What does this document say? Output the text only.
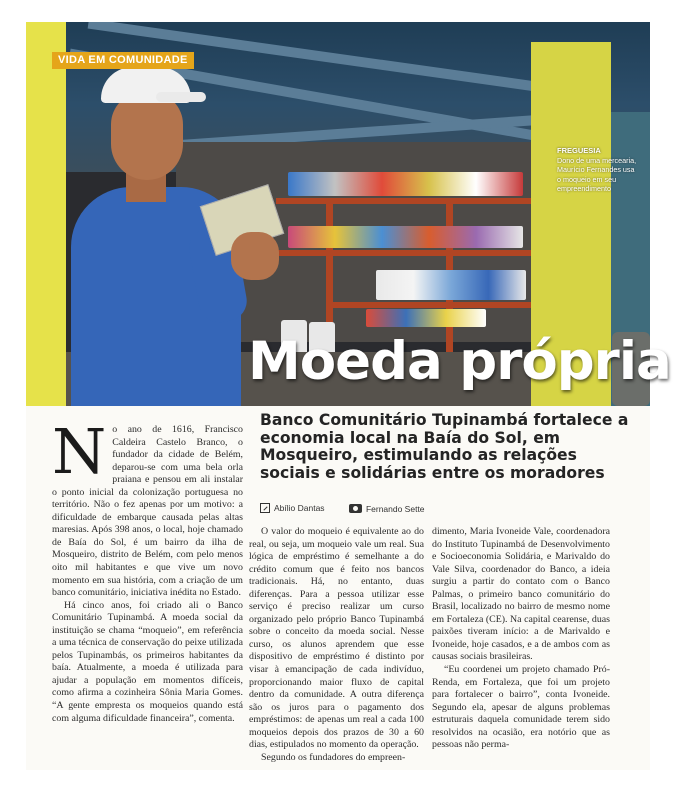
VIDA EM COMUNIDADE
FREGUESIA
Dono de uma mercearia, Maurício Fernandes usa o moqueio em seu empreendimento
Moeda própria
Banco Comunitário Tupinambá fortalece a economia local na Baía do Sol, em Mosqueiro, estimulando as relações sociais e solidárias entre os moradores
Abílio Dantas
	Fernando Sette
N o ano de 1616, Francisco Caldeira Castelo Branco, o fundador da cidade de Belém, deparou-se com uma bela orla praiana e pensou em ali instalar o ponto inicial da colonização portuguesa no território. Não o fez apenas por um motivo: a dificuldade de embarque causada pelas altas maresias. Após 398 anos, o local, hoje chamado de Baía do Sol, é um bairro da ilha de Mosqueiro, distrito de Belém, com pelo menos oito mil habitantes e que vive um novo momento em sua história, com a criação de um banco comunitário, iniciativa inédita no Estado.

Há cinco anos, foi criado ali o Banco Comunitário Tupinambá. A moeda social da instituição se chama “moqueio”, em referência a uma técnica de conservação do peixe utilizada pelos Tupinambás, os primeiros habitantes da baía. Atualmente, a moeda é utilizada para ajudar a população em momentos difíceis, como afirma a cozinheira Sônia Maria Gomes. “A gente empresta os moqueios quando está com alguma dificuldade financeira”, comenta.

O valor do moqueio é equivalente ao do real, ou seja, um moqueio vale um real. Sua lógica de empréstimo é semelhante a do crédito comum que é feito nos bancos tradicionais. Há, no entanto, duas diferenças. Para a pessoa utilizar esse serviço é preciso realizar um curso organizado pelo próprio Banco Tupinambá sobre o conceito da moeda social. Nesse curso, os alunos aprendem que esse dispositivo de empréstimo é distinto por visar à emancipação de cada indivíduo, proporcionando maior fluxo de capital dentro da comunidade. A outra diferença são os juros para o pagamento dos empréstimos: de apenas um real a cada 100 moqueios depois dos prazos de 30 a 60 dias, estipulados no momento da operação.

Segundo os fundadores do empreen-

dimento, Maria Ivoneide Vale, coordenadora do Instituto Tupinambá de Desenvolvimento e Socioeconomia Solidária, e Marivaldo do Vale Silva, coordenador do Banco, a ideia surgiu a partir do contato com o Banco Palmas, o primeiro banco comunitário do Brasil, localizado no bairro de mesmo nome em Fortaleza (CE). Na capital cearense, duas paixões tiveram início: a de Marivaldo e Ivoneide, hoje casados, e a de ambos com as causas sociais brasileiras.

“Eu coordenei um projeto chamado Pró-Renda, em Fortaleza, que foi um projeto para fortalecer o bairro”, conta Ivoneide. Segundo ela, apesar de alguns problemas estruturais daquela comunidade terem sido resolvidos na ocasião, era notório que as pessoas não perma-
